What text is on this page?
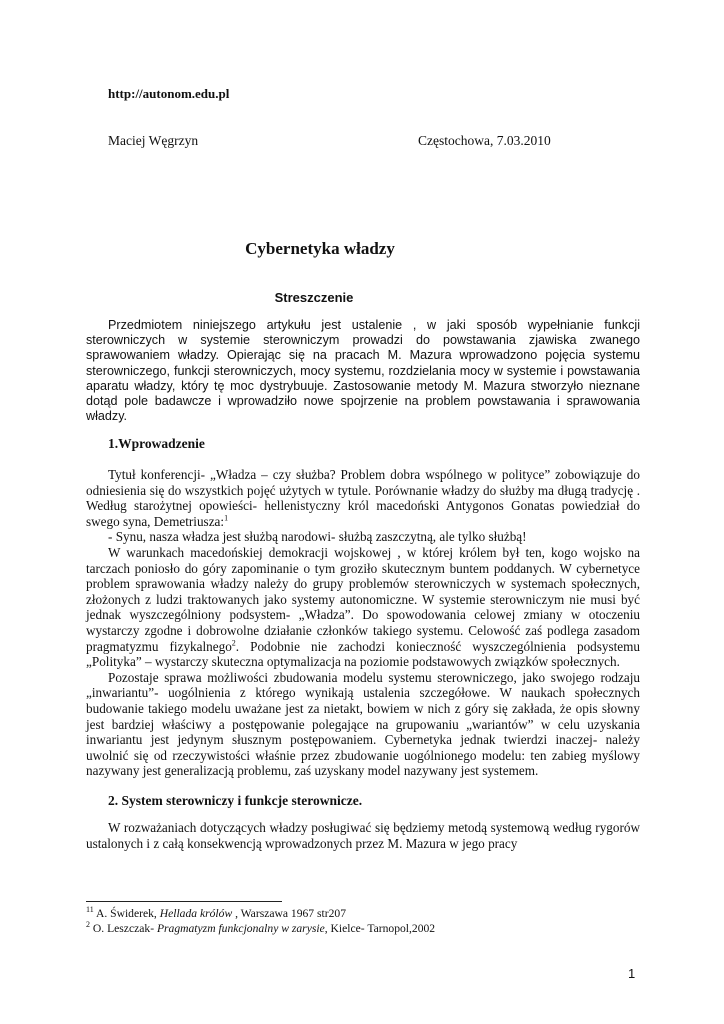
http://autonom.edu.pl
Maciej Węgrzyn	Częstochowa, 7.03.2010
Cybernetyka władzy
Streszczenie

Przedmiotem niniejszego artykułu jest ustalenie , w jaki sposób wypełnianie funkcji sterowniczych w systemie sterowniczym prowadzi do powstawania zjawiska zwanego sprawowaniem władzy. Opierając się na pracach M. Mazura wprowadzono pojęcia systemu sterowniczego, funkcji sterowniczych, mocy systemu, rozdzielania mocy w systemie i powstawania aparatu władzy, który tę moc dystrybuuje. Zastosowanie metody M. Mazura stworzyło nieznane dotąd pole badawcze i wprowadziło nowe spojrzenie na problem powstawania i sprawowania władzy.

1.Wprowadzenie

Tytuł konferencji- „Władza – czy służba? Problem dobra wspólnego w polityce” zobowiązuje do odniesienia się do wszystkich pojęć użytych w tytule. Porównanie władzy do służby ma długą tradycję . Według starożytnej opowieści- hellenistyczny król macedoński Antygonos Gonatas powiedział do swego syna, Demetriusza:$^1$

- Synu, nasza władza jest służbą narodowi- służbą zaszczytną, ale tylko służbą!

W warunkach macedońskiej demokracji wojskowej , w której królem był ten, kogo wojsko na tarczach poniosło do góry zapominanie o tym groziło skutecznym buntem poddanych. W cybernetyce problem sprawowania władzy należy do grupy problemów sterowniczych w systemach społecznych, złożonych z ludzi traktowanych jako systemy autonomiczne. W systemie sterowniczym nie musi być jednak wyszczególniony podsystem- „Władza”. Do spowodowania celowej zmiany w otoczeniu wystarczy zgodne i dobrowolne działanie członków takiego systemu. Celowość zaś podlega zasadom pragmatyzmu fizykalnego$^2$. Podobnie nie zachodzi konieczność wyszczególnienia podsystemu „Polityka” – wystarczy skuteczna optymalizacja na poziomie podstawowych związków społecznych.

Pozostaje sprawa możliwości zbudowania modelu systemu sterowniczego, jako swojego rodzaju „inwariantu”- uogólnienia z którego wynikają ustalenia szczegółowe. W naukach społecznych budowanie takiego modelu uważane jest za nietakt, bowiem w nich z góry się zakłada, że opis słowny jest bardziej właściwy a postępowanie polegające na grupowaniu „wariantów” w celu uzyskania inwariantu jest jedynym słusznym postępowaniem. Cybernetyka jednak twierdzi inaczej- należy uwolnić się od rzeczywistości właśnie przez zbudowanie uogólnionego modelu: ten zabieg myślowy nazywany jest generalizacją problemu, zaś uzyskany model nazywany jest systemem.

2. System sterowniczy i funkcje sterownicze.

W rozważaniach dotyczących władzy posługiwać się będziemy metodą systemową według rygorów ustalonych i z całą konsekwencją wprowadzonych przez M. Mazura w jego pracy

$^{11}$ A. Świderek, Hellada królów , Warszawa 1967 str207
$^2$ O. Leszczak- Pragmatyzm funkcjonalny w zarysie, Kielce- Tarnopol,2002
1
